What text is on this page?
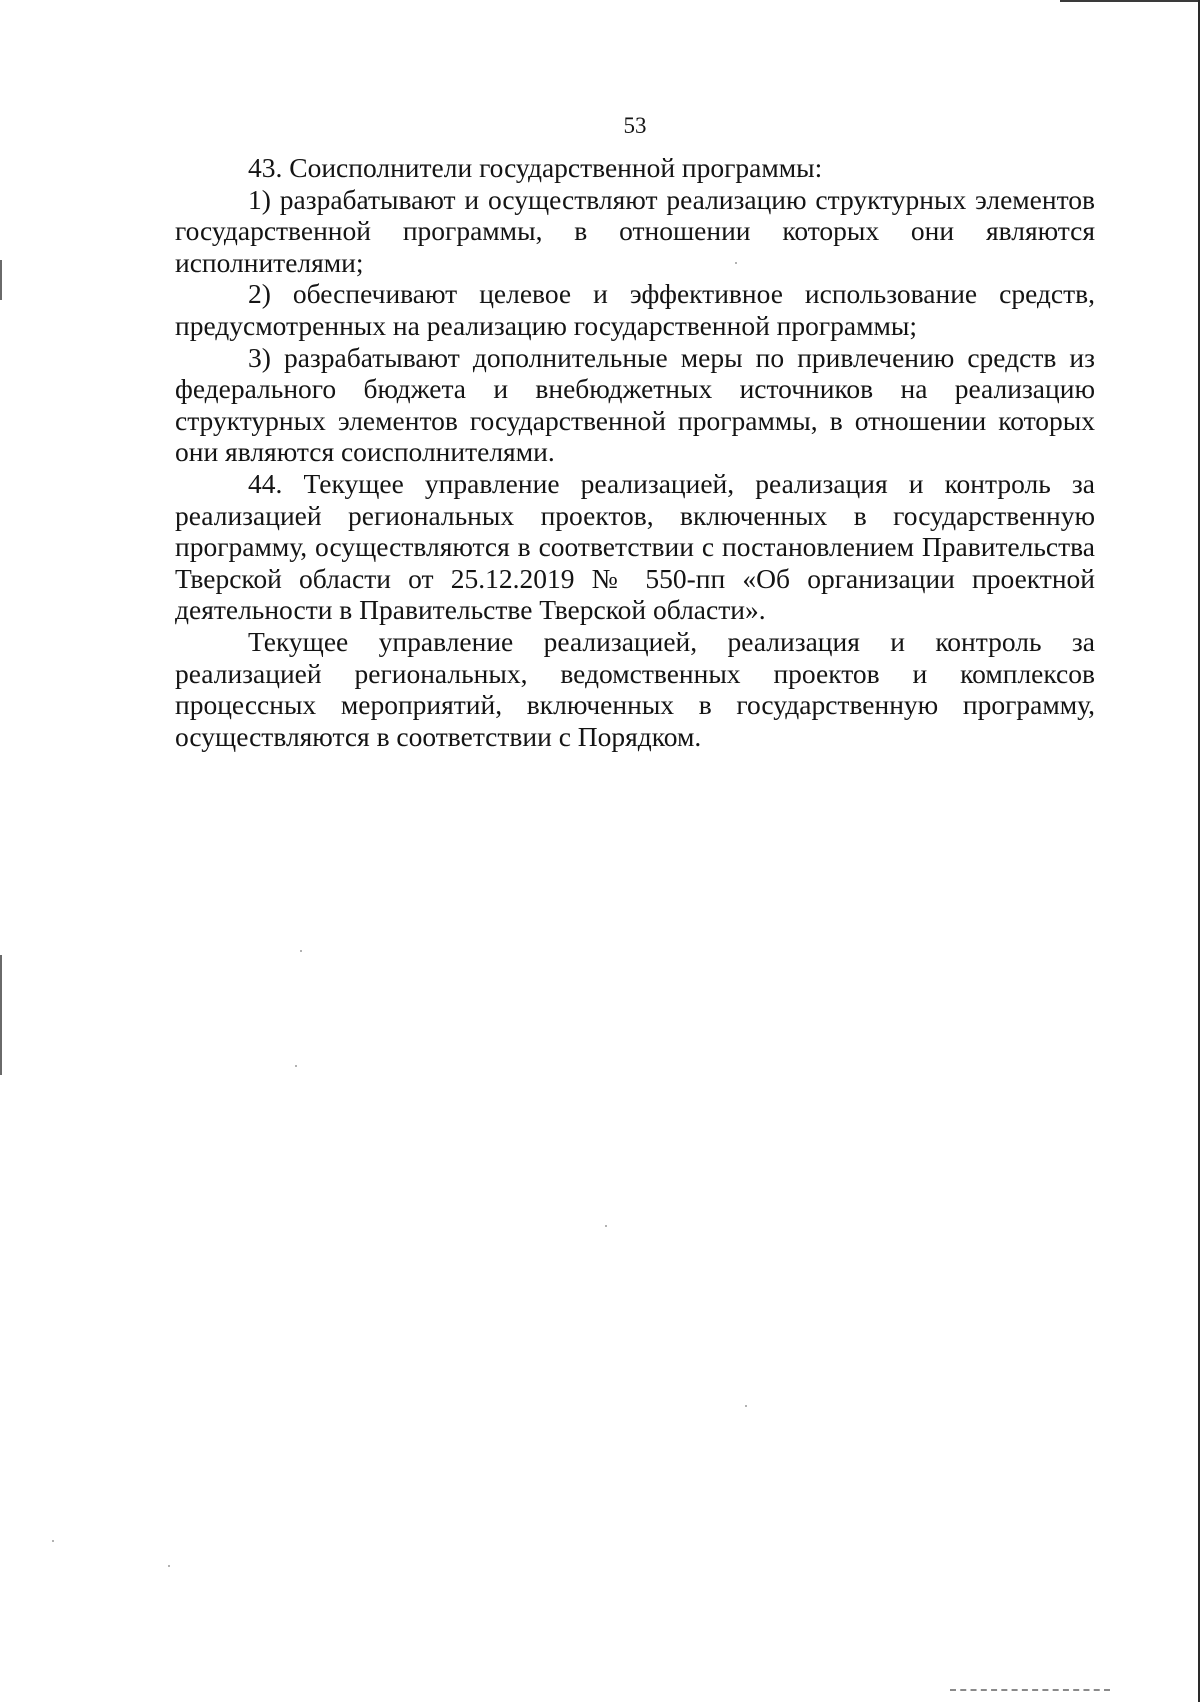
53

43. Соисполнители государственной программы:

1) разрабатывают и осуществляют реализацию структурных элементов государственной программы, в отношении которых они являются исполнителями;

2) обеспечивают целевое и эффективное использование средств, предусмотренных на реализацию государственной программы;

3) разрабатывают дополнительные меры по привлечению средств из федерального бюджета и внебюджетных источников на реализацию структурных элементов государственной программы, в отношении которых они являются соисполнителями.

44. Текущее управление реализацией, реализация и контроль за реализацией региональных проектов, включенных в государственную программу, осуществляются в соответствии с постановлением Правительства Тверской области от 25.12.2019 № 550-пп «Об организации проектной деятельности в Правительстве Тверской области».

Текущее управление реализацией, реализация и контроль за реализацией региональных, ведомственных проектов и комплексов процессных мероприятий, включенных в государственную программу, осуществляются в соответствии с Порядком.
